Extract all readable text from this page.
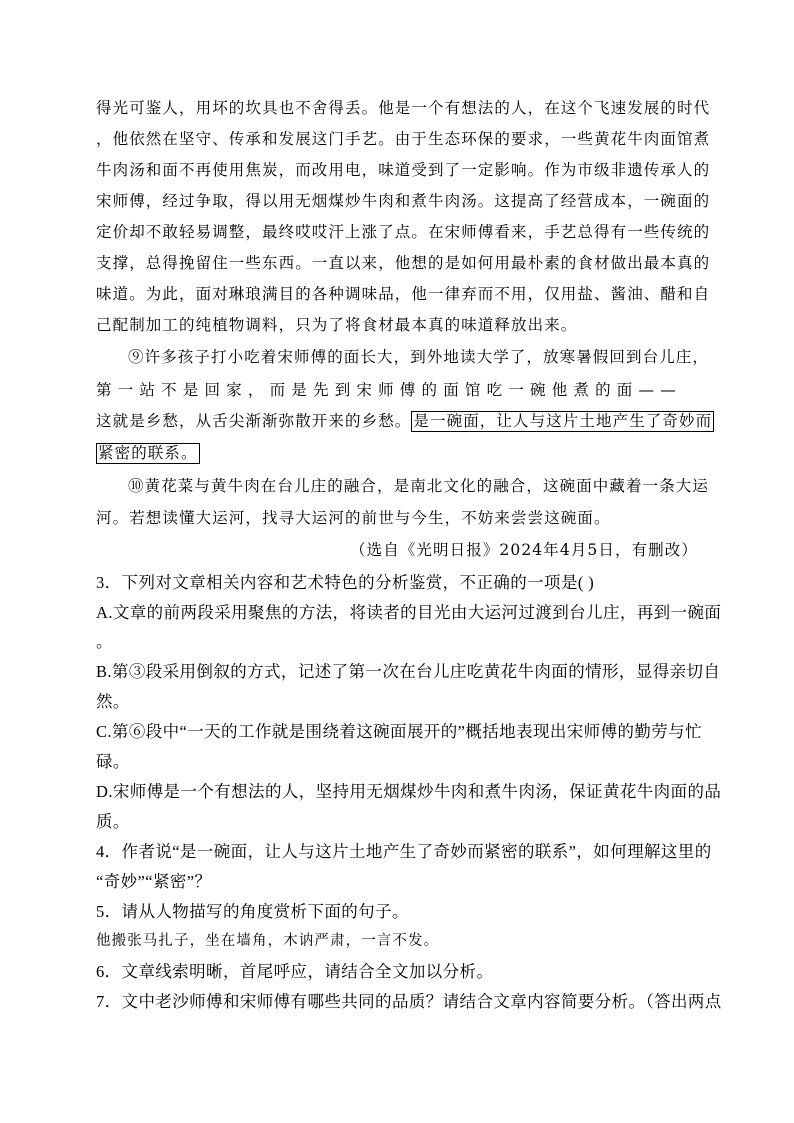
得光可鉴人，用坏的坎具也不舍得丢。他是一个有想法的人，在这个飞速发展的时代
，他依然在坚守、传承和发展这门手艺。由于生态环保的要求，一些黄花牛肉面馆煮
牛肉汤和面不再使用焦炭，而改用电，味道受到了一定影响。作为市级非遗传承人的
宋师傅，经过争取，得以用无烟煤炒牛肉和煮牛肉汤。这提高了经营成本，一碗面的
定价却不敢轻易调整，最终哎哎汗上涨了点。在宋师傅看来，手艺总得有一些传统的
支撑，总得挽留住一些东西。一直以来，他想的是如何用最朴素的食材做出最本真的
味道。为此，面对琳琅满目的各种调味品，他一律弃而不用，仅用盐、酱油、醋和自
己配制加工的纯植物调料，只为了将食材最本真的味道释放出来。
⑨许多孩子打小吃着宋师傅的面长大，到外地读大学了，放寒暑假回到台儿庄，
第一站不是回家，而是先到宋师傅的面馆吃一碗他煮的面——
这就是乡愁，从舌尖渐渐弥散开来的乡愁。 是一碗面，让人与这片土地产生了奇妙而
紧密的联系。
⑩黄花菜与黄牛肉在台儿庄的融合，是南北文化的融合，这碗面中藏着一条大运
河。若想读懂大运河，找寻大运河的前世与今生，不妨来尝尝这碗面。
（选自《光明日报》2024年4月5日，有删改）
3．下列对文章相关内容和艺术特色的分析鉴赏，不正确的一项是( )
A.文章的前两段采用聚焦的方法，将读者的目光由大运河过渡到台儿庄，再到一碗面
。
B.第③段采用倒叙的方式，记述了第一次在台儿庄吃黄花牛肉面的情形，显得亲切自
然。
C.第⑥段中“一天的工作就是围绕着这碗面展开的”概括地表现出宋师傅的勤劳与忙
碌。
D.宋师傅是一个有想法的人，坚持用无烟煤炒牛肉和煮牛肉汤，保证黄花牛肉面的品
质。
4．作者说“是一碗面，让人与这片土地产生了奇妙而紧密的联系”，如何理解这里的
“奇妙”“紧密”？
5．请从人物描写的角度赏析下面的句子。
他搬张马扎子，坐在墙角，木讷严肃，一言不发。
6．文章线索明晰，首尾呼应，请结合全文加以分析。
7．文中老沙师傅和宋师傅有哪些共同的品质？请结合文章内容简要分析。（答出两点
